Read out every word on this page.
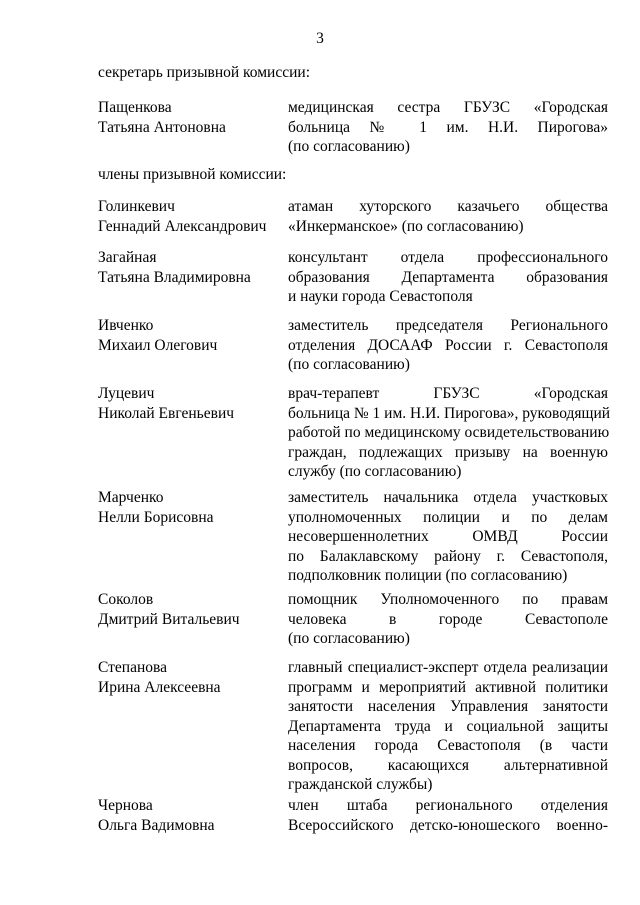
3
секретарь призывной комиссии:
Пащенкова
Татьяна Антоновна
медицинская сестра ГБУЗС «Городская
больница № 1 им. Н.И. Пирогова»
(по согласованию)
члены призывной комиссии:
Голинкевич
Геннадий Александрович
атаман хуторского казачьего общества
«Инкерманское» (по согласованию)
Загайная
Татьяна Владимировна
консультант отдела профессионального
образования Департамента образования
и науки города Севастополя
Ивченко
Михаил Олегович
заместитель председателя Регионального
отделения ДОСААФ России г. Севастополя
(по согласованию)
Луцевич
Николай Евгеньевич
врач-терапевт ГБУЗС «Городская
больница № 1 им. Н.И. Пирогова», руководящий
работой по медицинскому освидетельствованию
граждан, подлежащих призыву на военную
службу (по согласованию)
Марченко
Нелли Борисовна
заместитель начальника отдела участковых
уполномоченных полиции и по делам
несовершеннолетних ОМВД России
по Балаклавскому району г. Севастополя,
подполковник полиции (по согласованию)
Соколов
Дмитрий Витальевич
помощник Уполномоченного по правам
человека в городе Севастополе
(по согласованию)
Степанова
Ирина Алексеевна
главный специалист-эксперт отдела реализации
программ и мероприятий активной политики
занятости населения Управления занятости
Департамента труда и социальной защиты
населения города Севастополя (в части
вопросов, касающихся альтернативной
гражданской службы)
Чернова
Ольга Вадимовна
член штаба регионального отделения
Всероссийского детско-юношеского военно-
